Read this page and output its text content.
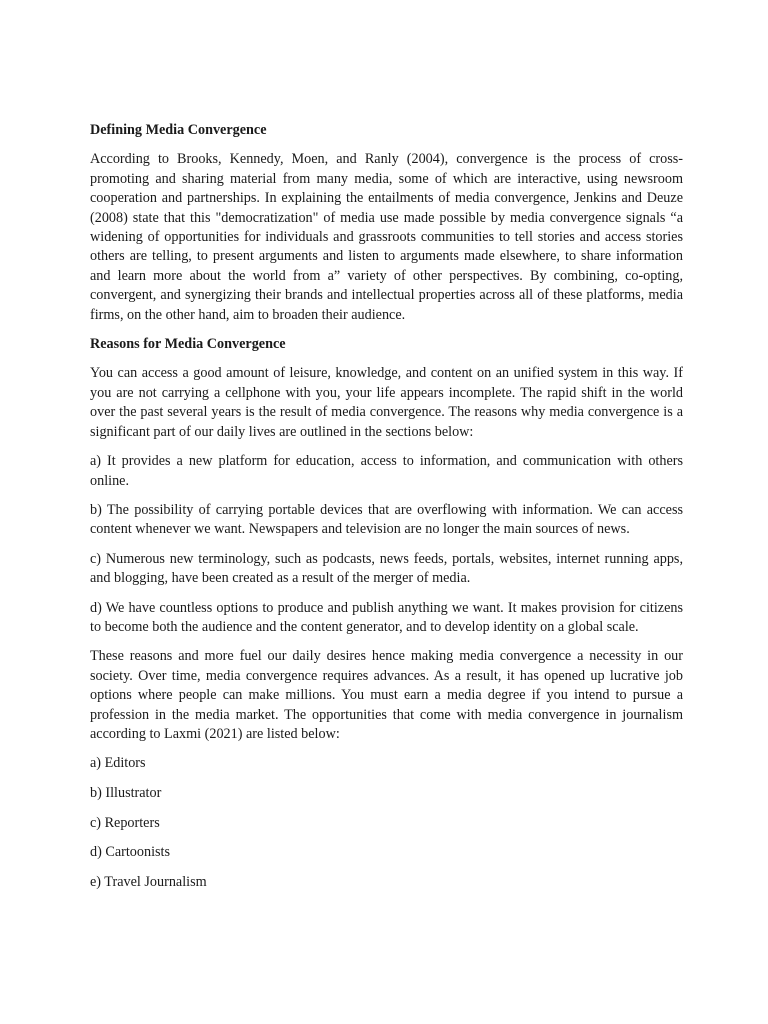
Defining Media Convergence

According to Brooks, Kennedy, Moen, and Ranly (2004), convergence is the process of cross-promoting and sharing material from many media, some of which are interactive, using newsroom cooperation and partnerships. In explaining the entailments of media convergence, Jenkins and Deuze (2008) state that this "democratization" of media use made possible by media convergence signals “a widening of opportunities for individuals and grassroots communities to tell stories and access stories others are telling, to present arguments and listen to arguments made elsewhere, to share information and learn more about the world from a” variety of other perspectives. By combining, co-opting, convergent, and synergizing their brands and intellectual properties across all of these platforms, media firms, on the other hand, aim to broaden their audience.

Reasons for Media Convergence

You can access a good amount of leisure, knowledge, and content on an unified system in this way. If you are not carrying a cellphone with you, your life appears incomplete. The rapid shift in the world over the past several years is the result of media convergence. The reasons why media convergence is a significant part of our daily lives are outlined in the sections below:

a) It provides a new platform for education, access to information, and communication with others online.

b) The possibility of carrying portable devices that are overflowing with information. We can access content whenever we want. Newspapers and television are no longer the main sources of news.

c) Numerous new terminology, such as podcasts, news feeds, portals, websites, internet running apps, and blogging, have been created as a result of the merger of media.

d) We have countless options to produce and publish anything we want. It makes provision for citizens to become both the audience and the content generator, and to develop identity on a global scale.

These reasons and more fuel our daily desires hence making media convergence a necessity in our society. Over time, media convergence requires advances. As a result, it has opened up lucrative job options where people can make millions. You must earn a media degree if you intend to pursue a profession in the media market. The opportunities that come with media convergence in journalism according to Laxmi (2021) are listed below:

a) Editors
b) Illustrator
c) Reporters
d) Cartoonists
e) Travel Journalism
